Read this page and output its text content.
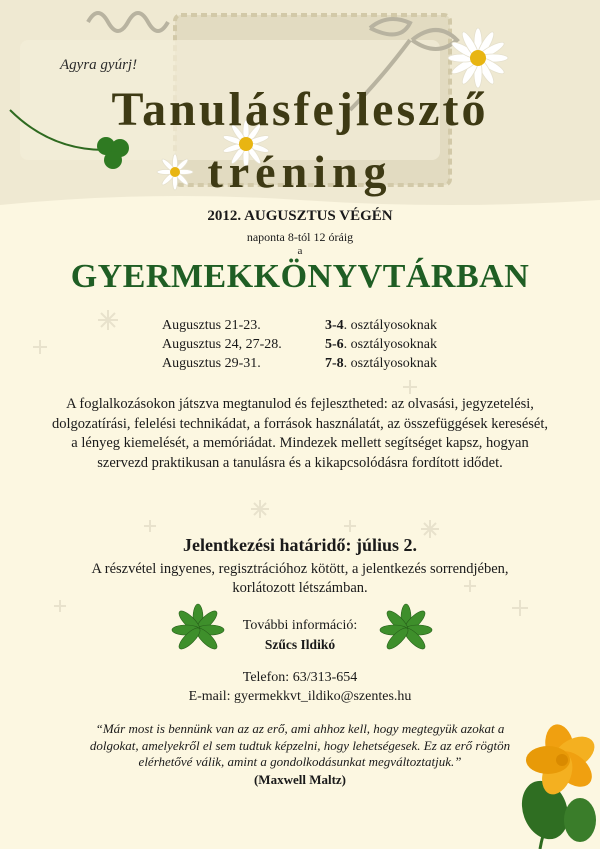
Agyra gyúrj!
Tanulásfejlesztő
tréning
2012. AUGUSZTUS VÉGÉN
naponta 8-tól 12 óráig
a
GYERMEKKÖNYVTÁRBAN
Augusztus 21-23.	3-4. osztályosoknak
Augusztus 24, 27-28.	5-6. osztályosoknak
Augusztus 29-31.	7-8. osztályosoknak
A foglalkozásokon játszva megtanulod és fejlesztheted: az olvasási, jegyzetelési, dolgozatírási, felelési technikádat, a források használatát, az összefüggések keresését, a lényeg kiemelését, a memóriádat. Mindezek mellett segítséget kapsz, hogyan szervezd praktikusan a tanulásra és a kikapcsolódásra fordított idődet.
Jelentkezési határidő: július 2.
A részvétel ingyenes, regisztrációhoz kötött, a jelentkezés sorrendjében, korlátozott létszámban.
További információ:
Szűcs Ildikó
Telefon: 63/313-654
E-mail: gyermekkvt_ildiko@szentes.hu
“Már most is bennünk van az az erő, ami ahhoz kell, hogy megtegyük azokat a dolgokat, amelyekről el sem tudtuk képzelni, hogy lehetségesek. Ez az erő rögtön elérhetővé válik, amint a gondolkodásunkat megváltoztatjuk.”
(Maxwell Maltz)
